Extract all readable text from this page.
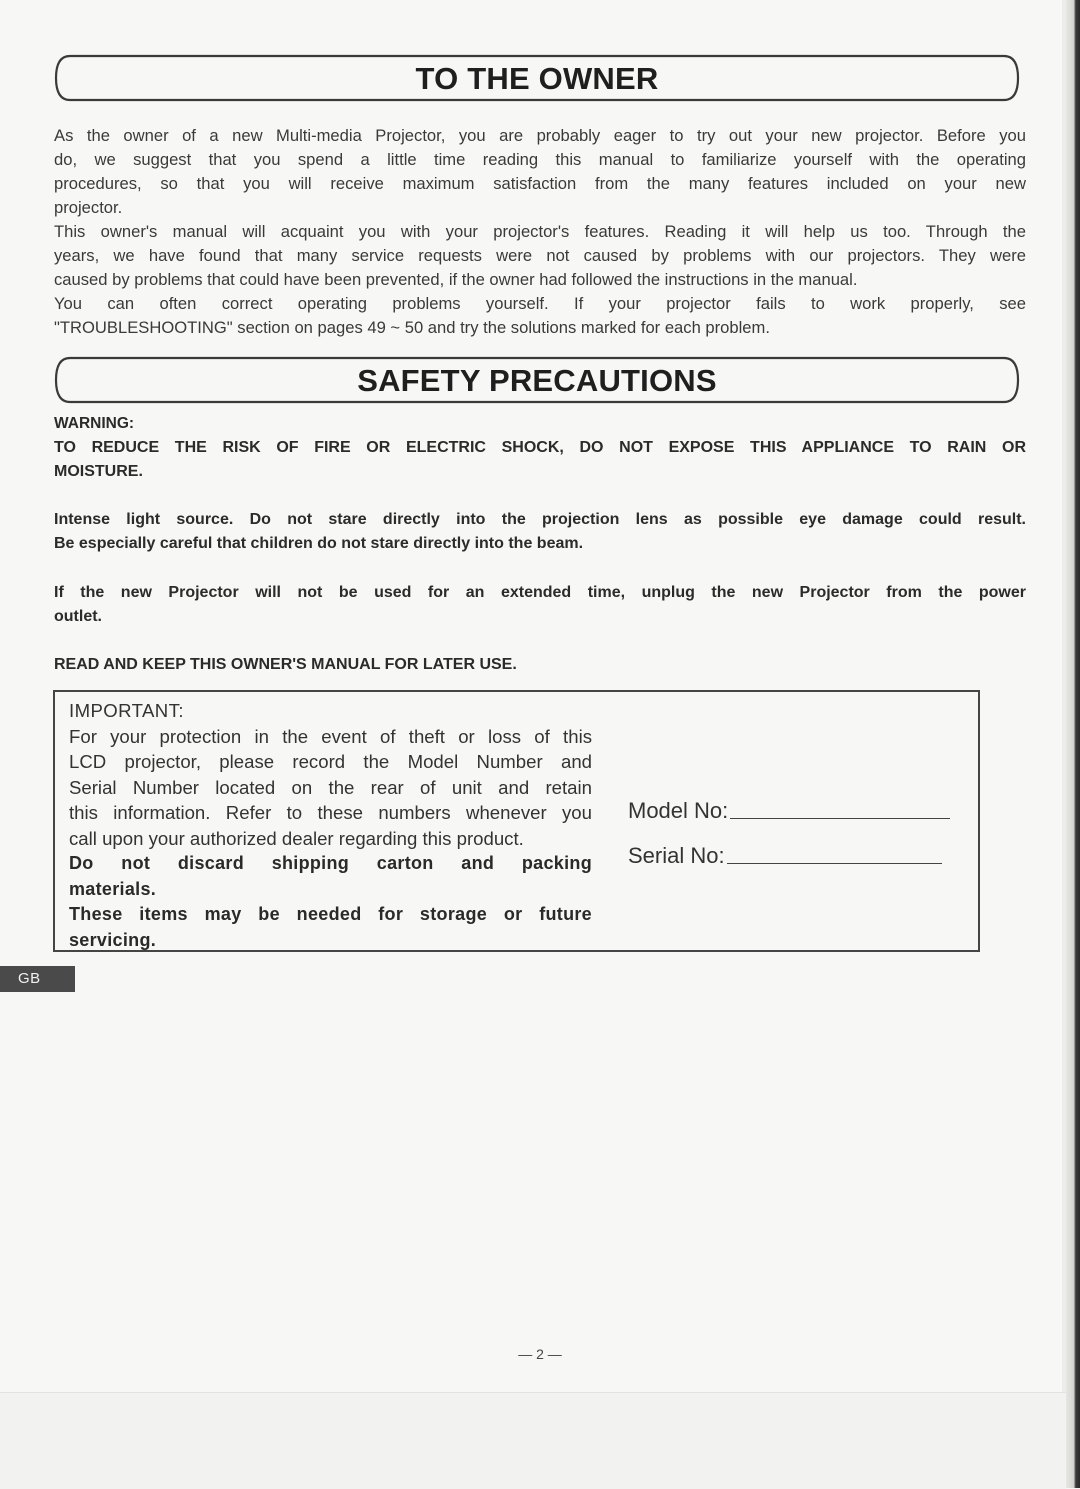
TO THE OWNER

As the owner of a new Multi-media Projector, you are probably eager to try out your new projector. Before you

do, we suggest that you spend a little time reading this manual to familiarize yourself with the operating

procedures, so that you will receive maximum satisfaction from the many features included on your new

projector.

This owner's manual will acquaint you with your projector's features. Reading it will help us too. Through the

years, we have found that many service requests were not caused by problems with our projectors. They were

caused by problems that could have been prevented, if the owner had followed the instructions in the manual.

You can often correct operating problems yourself. If your projector fails to work properly, see

"TROUBLESHOOTING" section on pages 49 ~ 50 and try the solutions marked for each problem.

SAFETY PRECAUTIONS
WARNING:

TO REDUCE THE RISK OF FIRE OR ELECTRIC SHOCK, DO NOT EXPOSE THIS APPLIANCE TO RAIN OR

MOISTURE.

Intense light source. Do not stare directly into the projection lens as possible eye damage could result.

Be especially careful that children do not stare directly into the beam.

If the new Projector will not be used for an extended time, unplug the new Projector from the power

outlet.

READ AND KEEP THIS OWNER'S MANUAL FOR LATER USE.

IMPORTANT:

For your protection in the event of theft or loss of this

LCD projector, please record the Model Number and

Serial Number located on the rear of unit and retain

this information. Refer to these numbers whenever you

call upon your authorized dealer regarding this product.

Do not discard shipping carton and packing

materials.

These items may be needed for storage or future

servicing.

Model No:
Serial No:
GB
— 2 —
